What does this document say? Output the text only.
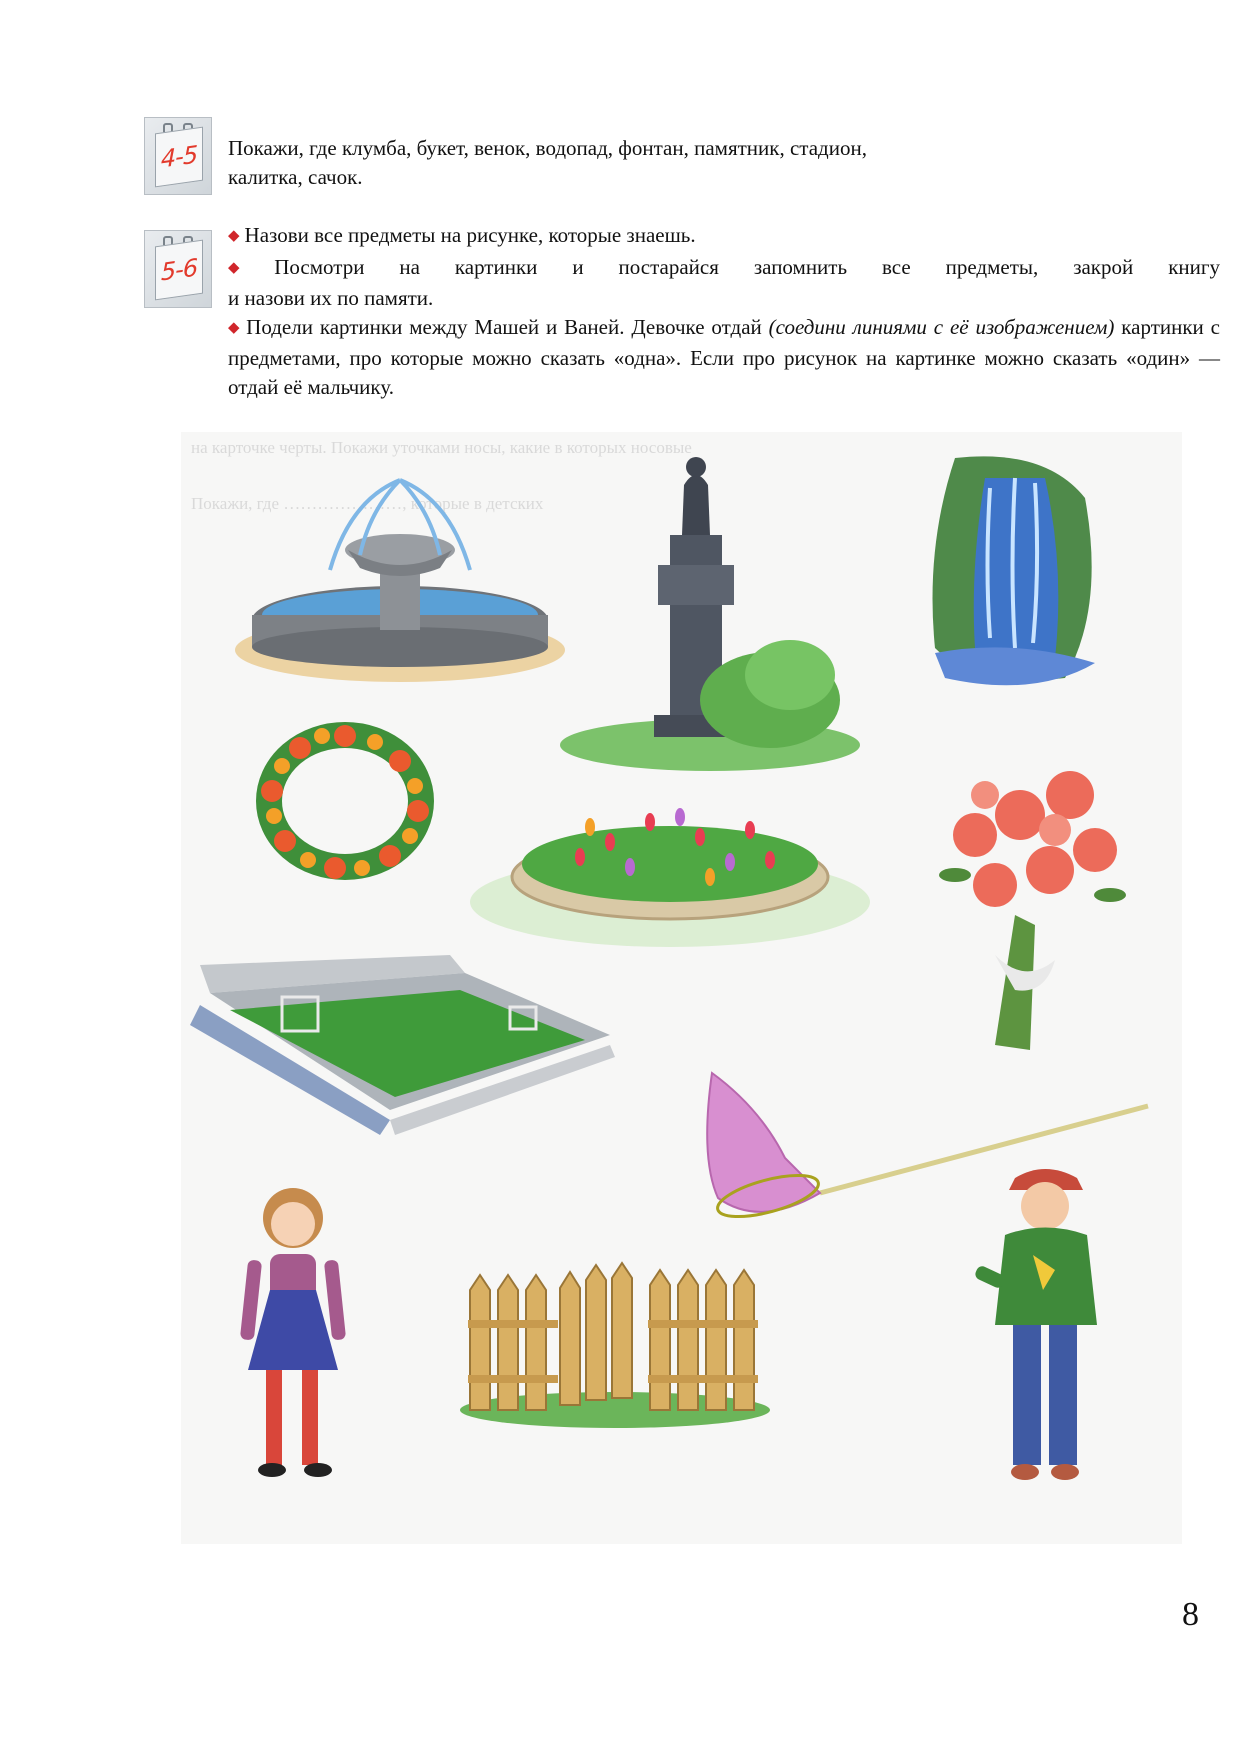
4-5 Покажи, где клумба, букет, венок, водопад, фонтан, памятник, стадион,
калитка, сачок.
5-6
◆ Назови все предметы на рисунке, которые знаешь.
◆ Посмотри на картинки и постарайся запомнить все предметы, закрой книгу
и назови их по памяти.
◆ Подели картинки между Машей и Ваней. Девочке отдай (соедини линиями с её изображением) картинки с предметами, про которые можно сказать «одна». Если про рисунок на картинке можно сказать «один» — отдай её мальчику.
на карточке черты. Покажи уточками носы, какие в которых носовые
Покажи, где …………………, которые в детских
8
